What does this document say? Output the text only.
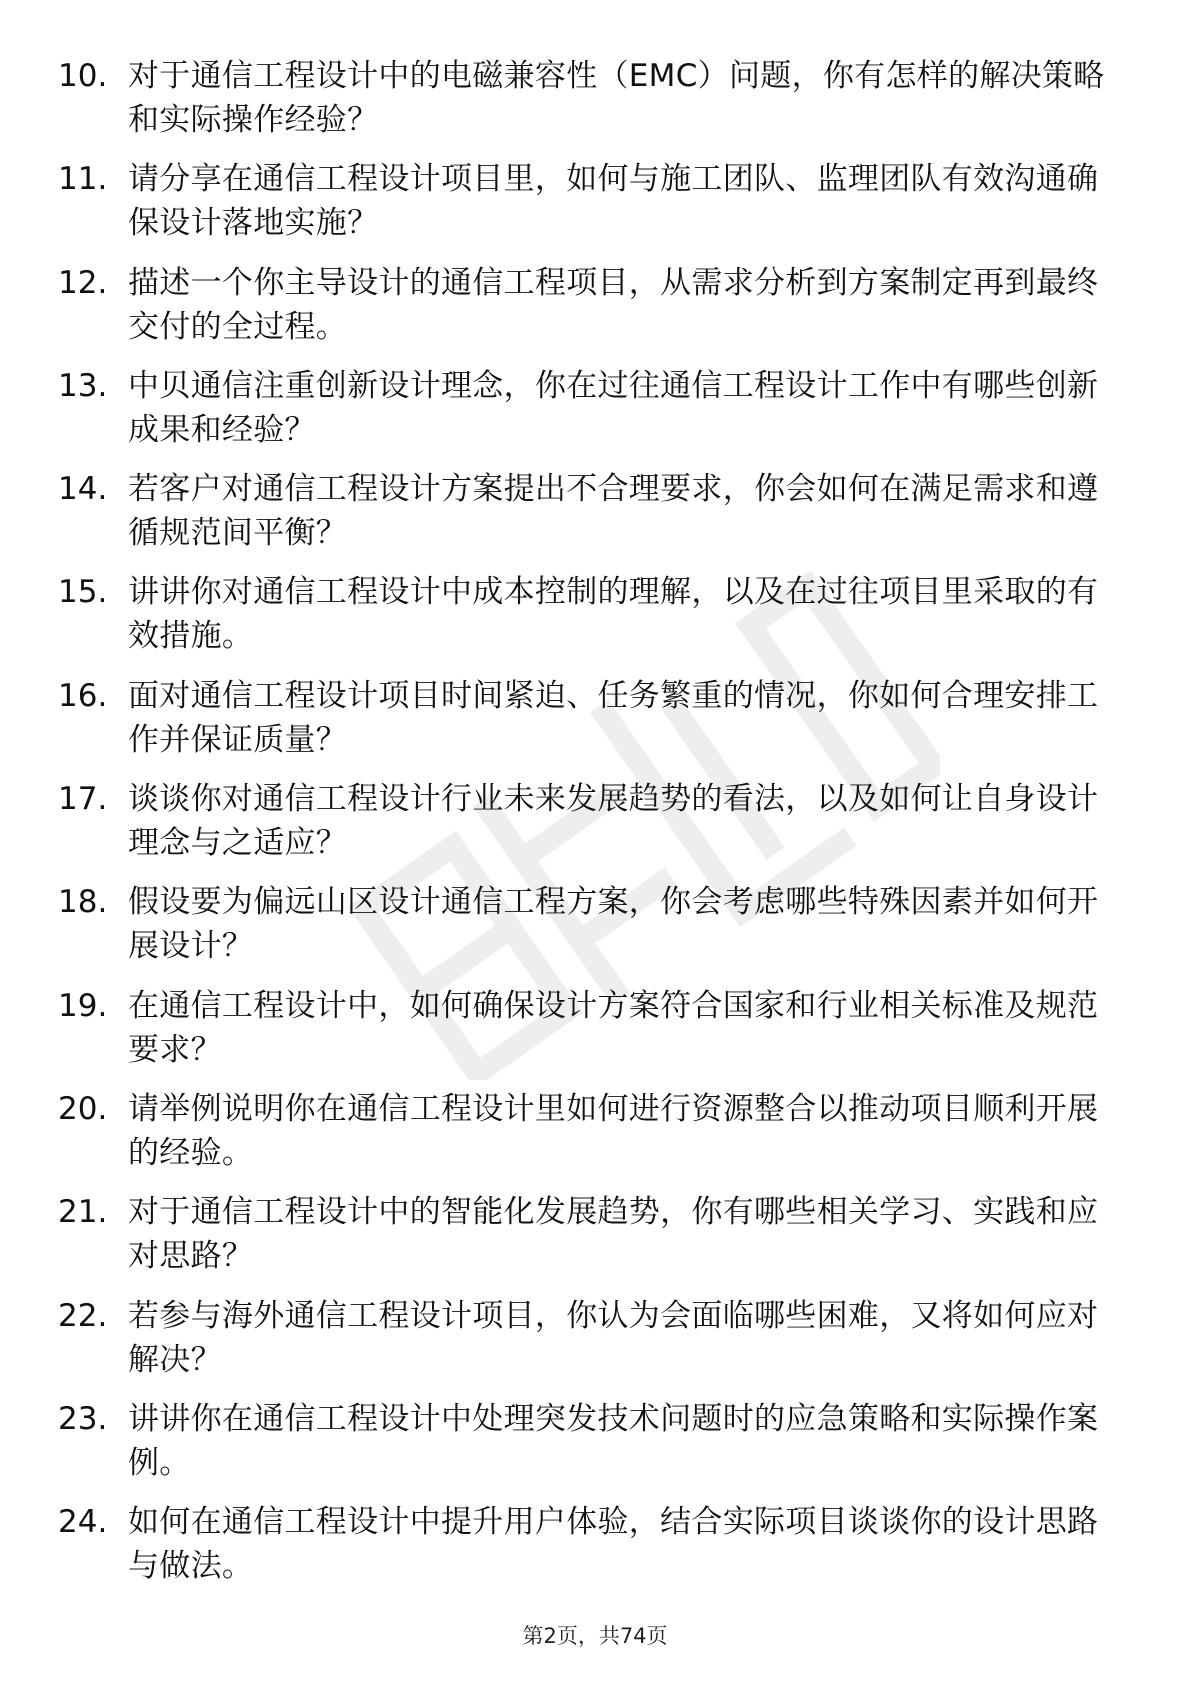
10. 对于通信工程设计中的电磁兼容性（EMC）问题，你有怎样的解决策略和实际操作经验？
11. 请分享在通信工程设计项目里，如何与施工团队、监理团队有效沟通确保设计落地实施？
12. 描述一个你主导设计的通信工程项目，从需求分析到方案制定再到最终交付的全过程。
13. 中贝通信注重创新设计理念，你在过往通信工程设计工作中有哪些创新成果和经验？
14. 若客户对通信工程设计方案提出不合理要求，你会如何在满足需求和遵循规范间平衡？
15. 讲讲你对通信工程设计中成本控制的理解，以及在过往项目里采取的有效措施。
16. 面对通信工程设计项目时间紧迫、任务繁重的情况，你如何合理安排工作并保证质量？
17. 谈谈你对通信工程设计行业未来发展趋势的看法，以及如何让自身设计理念与之适应？
18. 假设要为偏远山区设计通信工程方案，你会考虑哪些特殊因素并如何开展设计？
19. 在通信工程设计中，如何确保设计方案符合国家和行业相关标准及规范要求？
20. 请举例说明你在通信工程设计里如何进行资源整合以推动项目顺利开展的经验。
21. 对于通信工程设计中的智能化发展趋势，你有哪些相关学习、实践和应对思路？
22. 若参与海外通信工程设计项目，你认为会面临哪些困难，又将如何应对解决？
23. 讲讲你在通信工程设计中处理突发技术问题时的应急策略和实际操作案例。
24. 如何在通信工程设计中提升用户体验，结合实际项目谈谈你的设计思路与做法。
第2页，共74页
